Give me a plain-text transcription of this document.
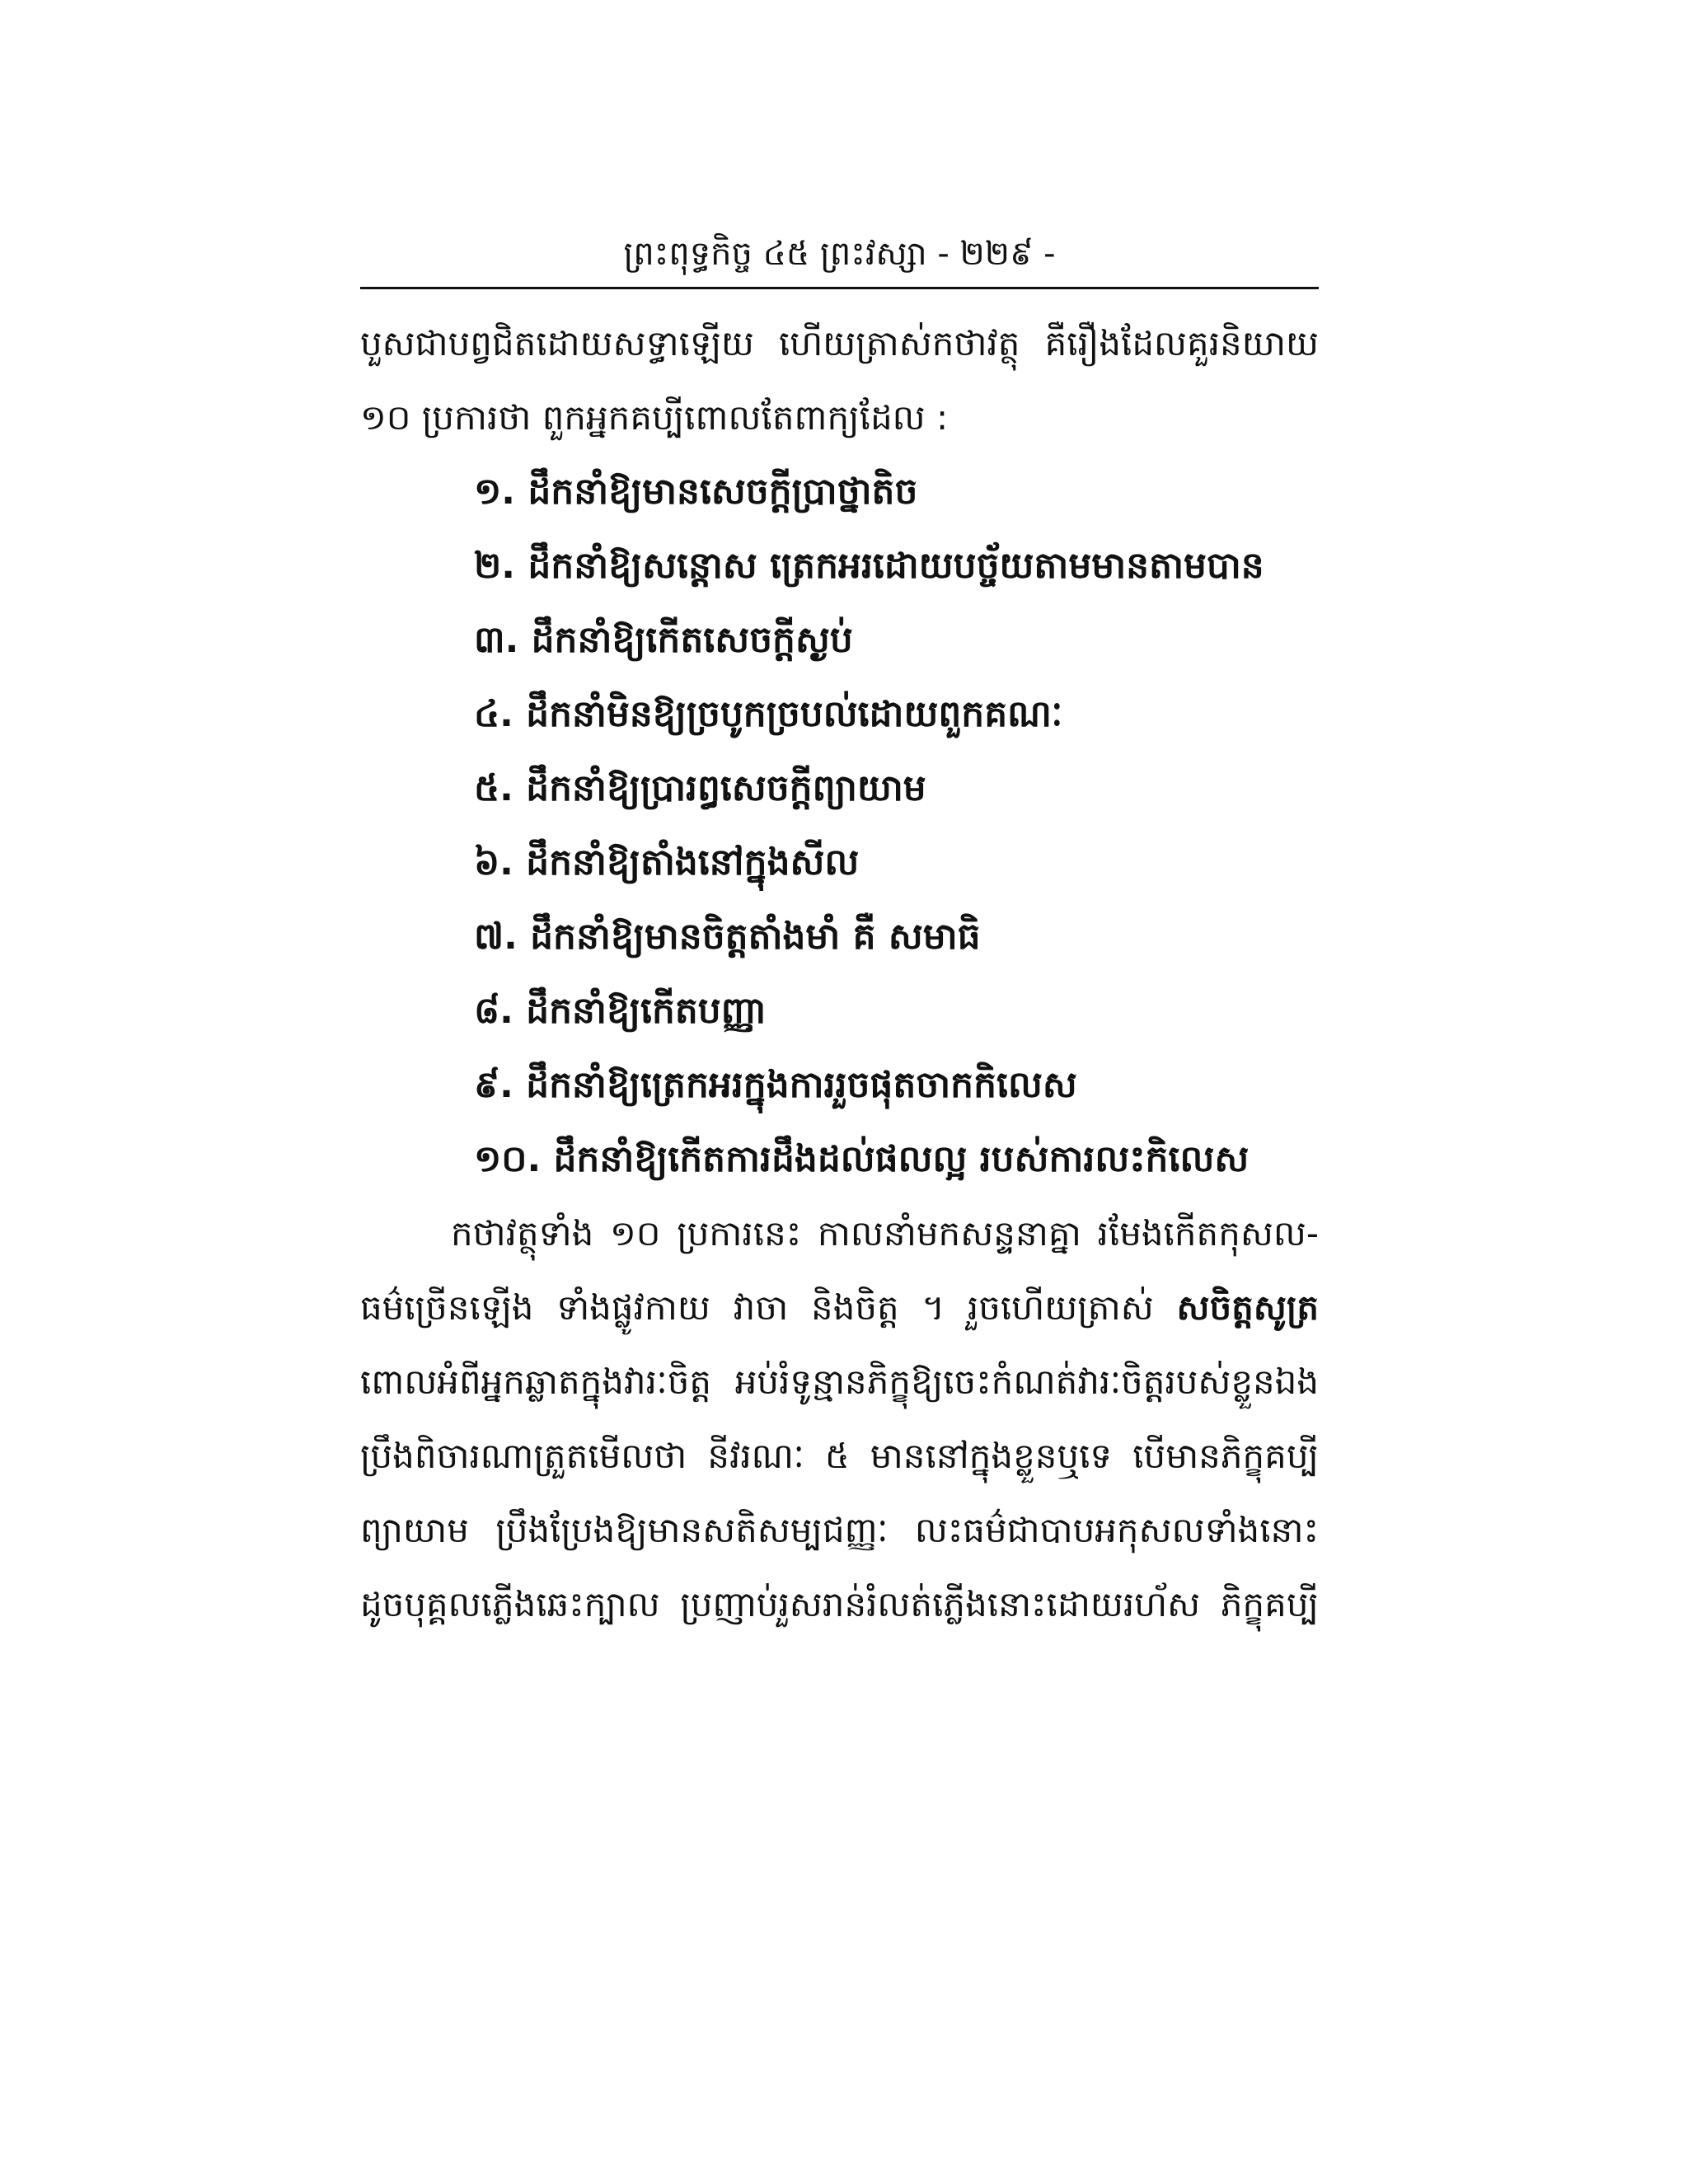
ព្រះពុទ្ធកិច្ច ៤៥ ព្រះវស្សា - ២២៩ -
បួសជាបព្វជិតដោយសទ្ធាឡើយ ហើយត្រាស់កថាវត្ថុ គឺរឿងដែលគួរនិយាយ
១០ ប្រការថា ពួកអ្នកគប្បីពោលតែពាក្យដែល :
១. ដឹកនាំឱ្យមានសេចក្តីប្រាថ្នាតិច
២. ដឹកនាំឱ្យសន្តោស ត្រេកអរដោយបច្ច័យតាមមានតាមបាន
៣. ដឹកនាំឱ្យកើតសេចក្តីស្ងប់
៤. ដឹកនាំមិនឱ្យច្របូកច្របល់ដោយពួកគណៈ
៥. ដឹកនាំឱ្យប្រារព្ធសេចក្តីព្យាយាម
៦. ដឹកនាំឱ្យតាំងនៅក្នុងសីល
៧. ដឹកនាំឱ្យមានចិត្តតាំងមាំ គឺ សមាធិ
៨. ដឹកនាំឱ្យកើតបញ្ញា
៩. ដឹកនាំឱ្យត្រេកអរក្នុងការរួចផុតចាកកិលេស
១០. ដឹកនាំឱ្យកើតការដឹងដល់ផលល្អ របស់ការលះកិលេស
កថាវត្ថុទាំង ១០ ប្រការនេះ កាលនាំមកសន្ទនាគ្នា រមែងកើតកុសល-
ធម៌ច្រើនឡើង ទាំងផ្លូវកាយ វាចា និងចិត្ត ។ រួចហើយត្រាស់ សចិត្តសូត្រ
ពោលអំពីអ្នកឆ្លាតក្នុងវារៈចិត្ត អប់រំទូន្មានភិក្ខុឱ្យចេះកំណត់វារៈចិត្តរបស់ខ្លួនឯង
ប្រឹងពិចារណាត្រួតមើលថា នីវរណៈ ៥ មាននៅក្នុងខ្លួនឬទេ បើមានភិក្ខុគប្បី
ព្យាយាម ប្រឹងប្រែងឱ្យមានសតិសម្បជញ្ញៈ លះធម៌ជាបាបអកុសលទាំងនោះ
ដូចបុគ្គលភ្លើងឆេះក្បាល ប្រញាប់រួសរាន់រំលត់ភ្លើងនោះដោយរហ័ស ភិក្ខុគប្បី
